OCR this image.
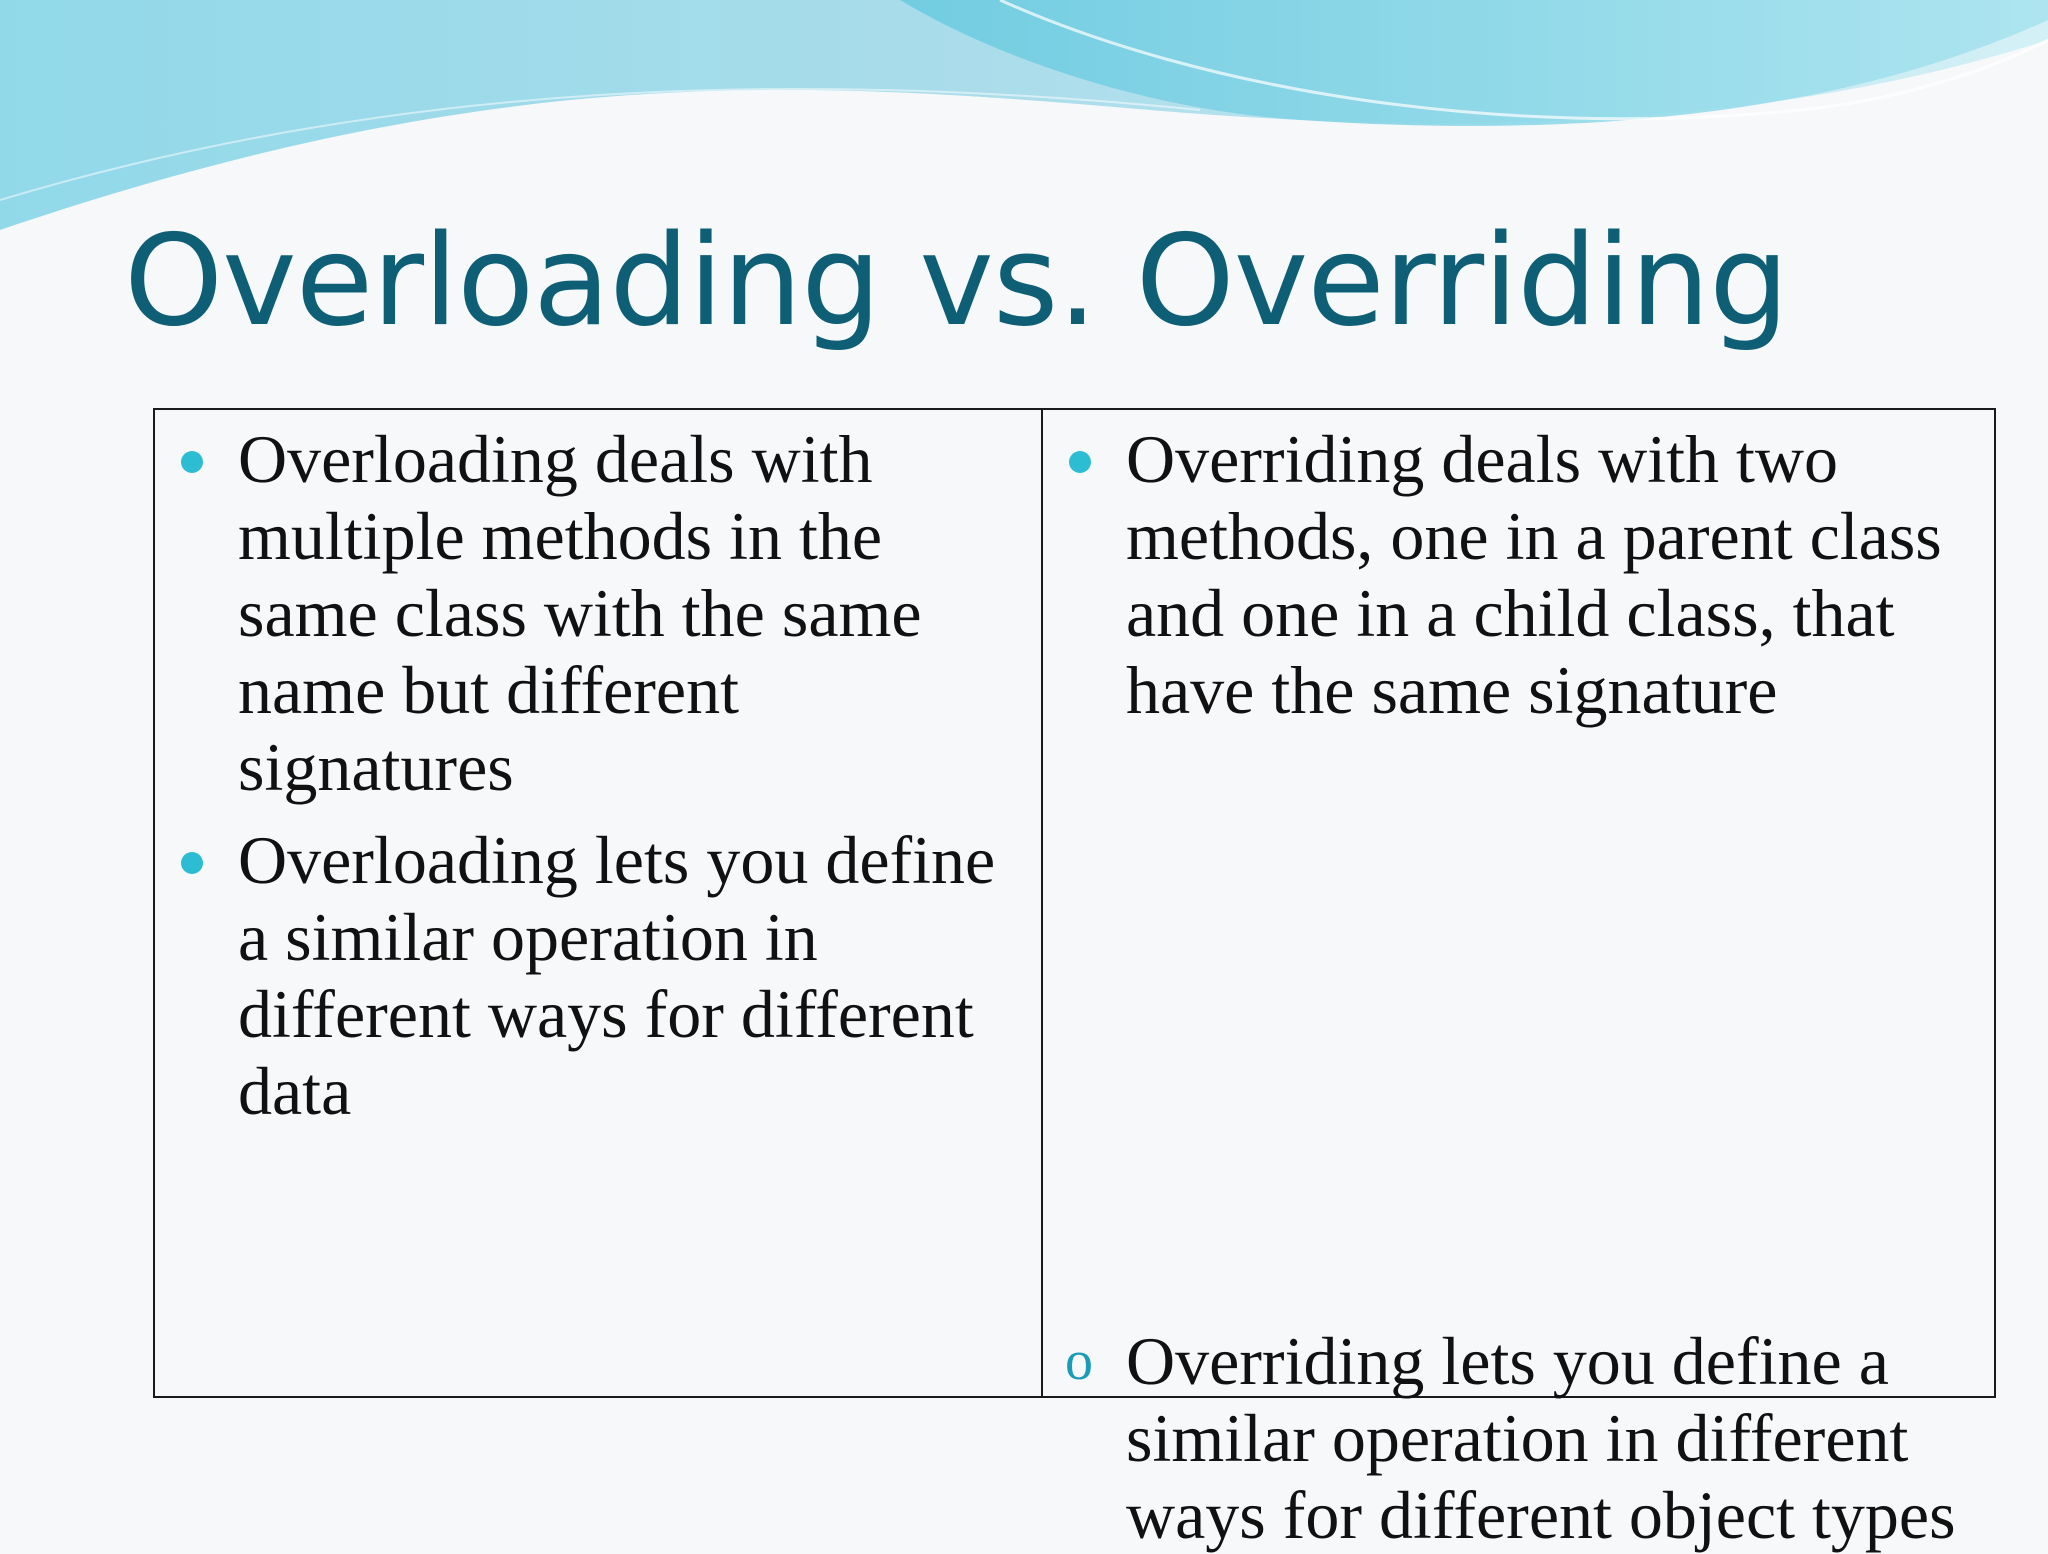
Overloading vs. Overriding
Overloading deals with multiple methods in the same class with the same name but different signatures
Overloading lets you define a similar operation in different ways for different data
Overriding deals with two methods, one in a parent class and one in a child class, that have the same signature
o Overriding lets you define a similar operation in different ways for different object types
